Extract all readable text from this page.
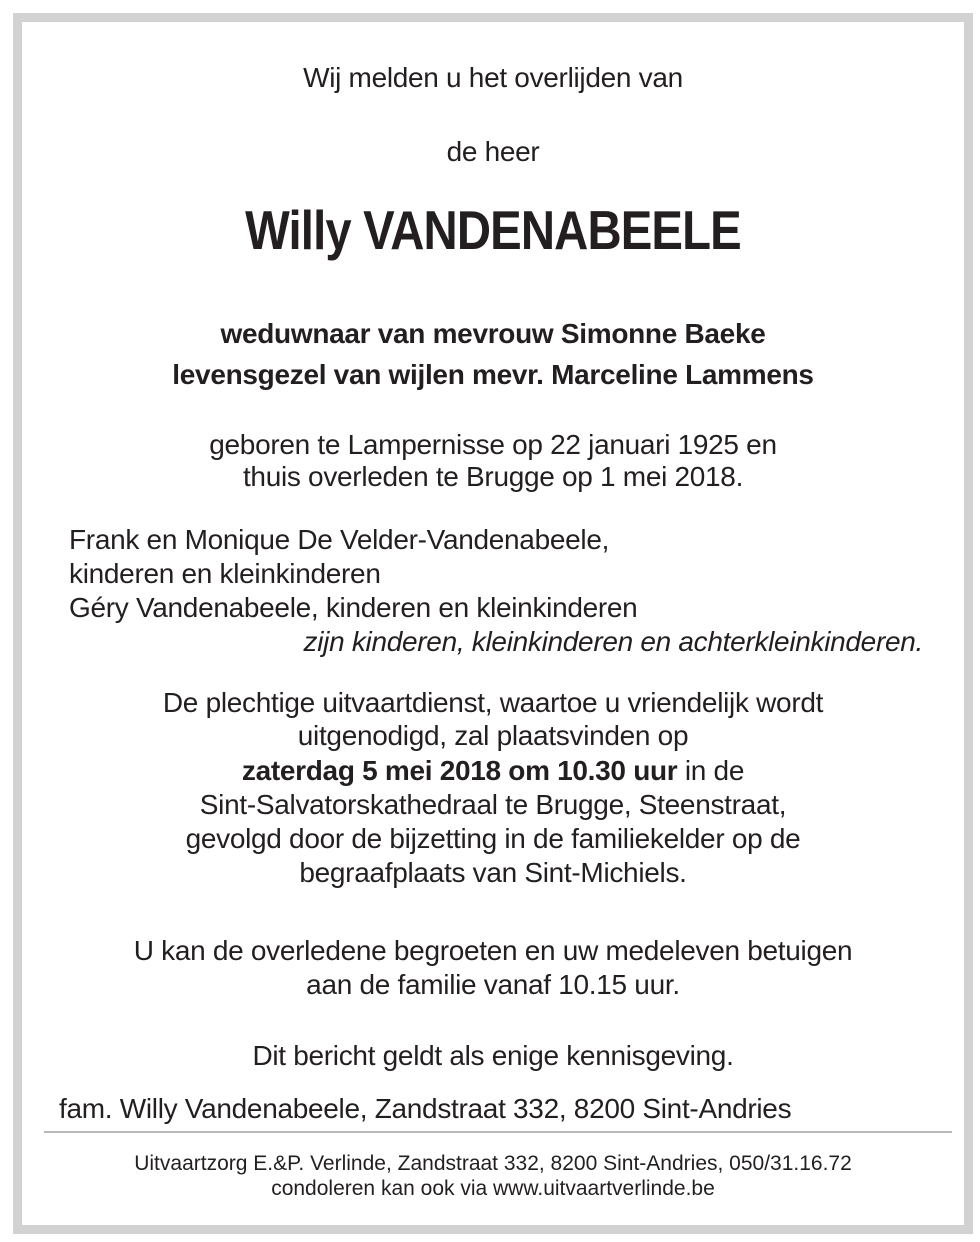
Wij melden u het overlijden van
de heer
Willy VANDENABEELE
weduwnaar van mevrouw Simonne Baeke
levensgezel van wijlen mevr. Marceline Lammens
geboren te Lampernisse op 22 januari 1925 en
thuis overleden te Brugge op 1 mei 2018.
Frank en Monique De Velder-Vandenabeele,
kinderen en kleinkinderen
Géry Vandenabeele, kinderen en kleinkinderen
zijn kinderen, kleinkinderen en achterkleinkinderen.
De plechtige uitvaartdienst, waartoe u vriendelijk wordt
uitgenodigd, zal plaatsvinden op
zaterdag 5 mei 2018 om 10.30 uur in de
Sint-Salvatorskathedraal te Brugge, Steenstraat,
gevolgd door de bijzetting in de familiekelder op de
begraafplaats van Sint-Michiels.
U kan de overledene begroeten en uw medeleven betuigen
aan de familie vanaf 10.15 uur.
Dit bericht geldt als enige kennisgeving.
fam. Willy Vandenabeele, Zandstraat 332, 8200 Sint-Andries
Uitvaartzorg E.&P. Verlinde, Zandstraat 332, 8200 Sint-Andries, 050/31.16.72
condoleren kan ook via www.uitvaartverlinde.be
